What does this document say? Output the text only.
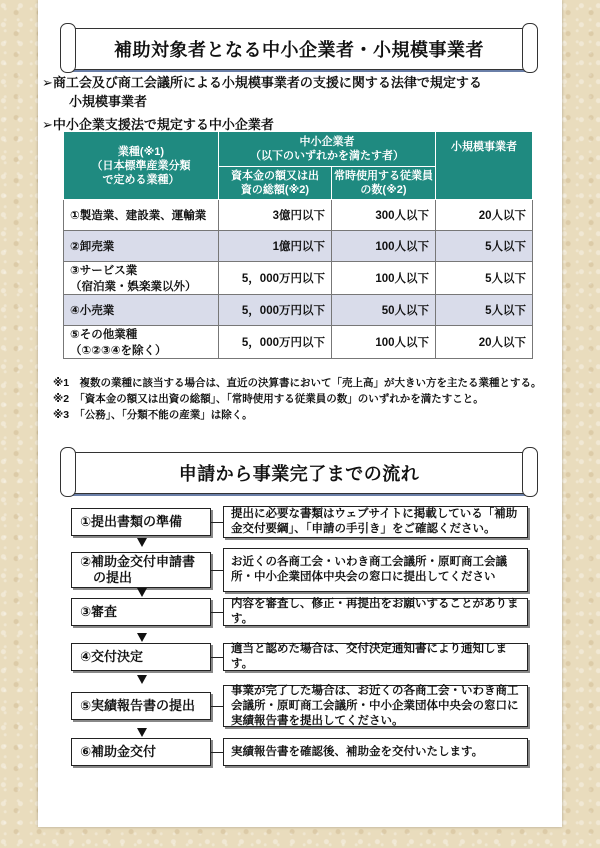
補助対象者となる中小企業者・小規模事業者
➢商工会及び商工会議所による小規模事業者の支援に関する法律で規定する
小規模事業者
➢中小企業支援法で規定する中小企業者
業種(※1)
（日本標準産業分類
で定める業種）	中小企業者
（以下のいずれかを満たす者）		小規模事業者
	資本金の額又は出
資の総額(※2)	常時使用する従業員の数(※2)	
①製造業、建設業、運輸業	3億円以下	300人以下	20人以下
②卸売業	1億円以下	100人以下	5人以下
③サービス業
（宿泊業・娯楽業以外）	5，000万円以下	100人以下	5人以下
④小売業	5，000万円以下	50人以下	5人以下
⑤その他業種
（①②③④を除く）	5，000万円以下	100人以下	20人以下
※1　複数の業種に該当する場合は、直近の決算書において「売上高」が大きい方を主たる業種とする。
※2　「資本金の額又は出資の総額」、「常時使用する従業員の数」のいずれかを満たすこと。
※3　「公務」、「分類不能の産業」は除く。
申請から事業完了までの流れ
①提出書類の準備	提出に必要な書類はウェブサイトに掲載している「補助金交付要綱」、「申請の手引き」をご確認ください。
②補助金交付申請書
　の提出
お近くの各商工会・いわき商工会議所・原町商工会議所・中小企業団体中央会の窓口に提出してください
③審査	内容を審査し、修正・再提出をお願いすることがあります。
④交付決定	適当と認めた場合は、交付決定通知書により通知します。
⑤実績報告書の提出
事業が完了した場合は、お近くの各商工会・いわき商工会議所・原町商工会議所・中小企業団体中央会の窓口に実績報告書を提出してください。
⑥補助金交付	実績報告書を確認後、補助金を交付いたします。
